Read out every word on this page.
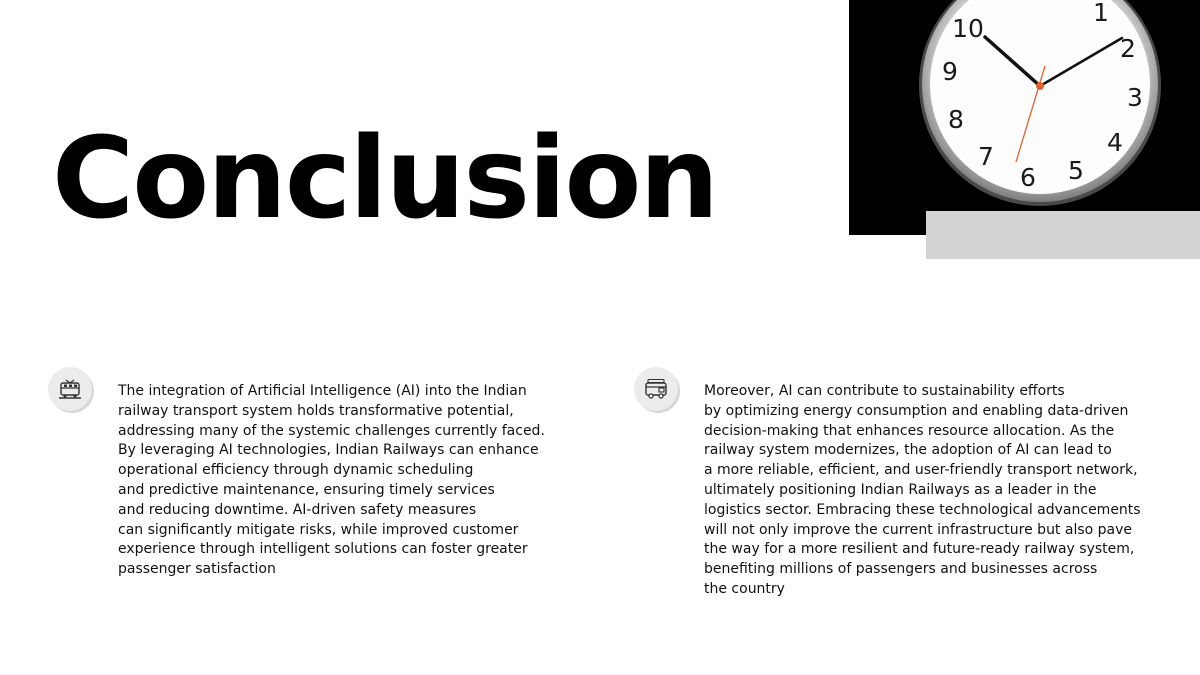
Conclusion
10
1
2
9
3
8
4
7	5
6

The integration of Artificial Intelligence (AI) into the Indian
railway transport system holds transformative potential,
addressing many of the systemic challenges currently faced.
By leveraging AI technologies, Indian Railways can enhance
operational efficiency through dynamic scheduling
and predictive maintenance, ensuring timely services
and reducing downtime. AI-driven safety measures
can significantly mitigate risks, while improved customer
experience through intelligent solutions can foster greater
passenger satisfaction

Moreover, AI can contribute to sustainability efforts
by optimizing energy consumption and enabling data-driven
decision-making that enhances resource allocation. As the
railway system modernizes, the adoption of AI can lead to
a more reliable, efficient, and user-friendly transport network,
ultimately positioning Indian Railways as a leader in the
logistics sector. Embracing these technological advancements
will not only improve the current infrastructure but also pave
the way for a more resilient and future-ready railway system,
benefiting millions of passengers and businesses across
the country
